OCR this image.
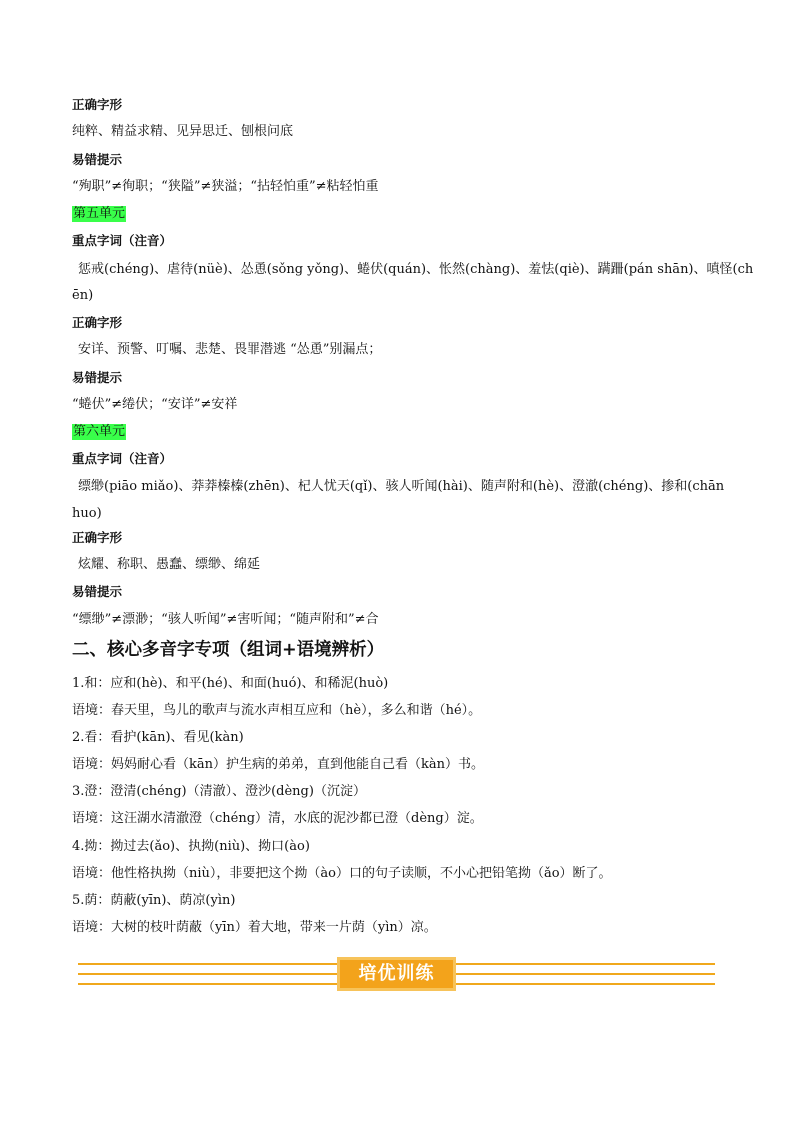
正确字形
纯粹、精益求精、见异思迁、刨根问底
易错提示
“殉职”≠徇职；“狭隘”≠狭溢；“拈轻怕重”≠粘轻怕重
第五单元
重点字词（注音）
惩戒(chéng)、虐待(nüè)、怂恿(sǒng yǒng)、蜷伏(quán)、怅然(chàng)、羞怯(qiè)、蹒跚(pán shān)、嗔怪(ch
ēn)
正确字形
安详、预警、叮嘱、悲楚、畏罪潜逃 “怂恿”别漏点；
易错提示
“蜷伏”≠绻伏；“安详”≠安祥
第六单元
重点字词（注音）
缥缈(piāo miǎo)、莽莽榛榛(zhēn)、杞人忧天(qǐ)、骇人听闻(hài)、随声附和(hè)、澄澈(chéng)、掺和(chān
huo)
正确字形
炫耀、称职、愚蠢、缥缈、绵延
易错提示
“缥缈”≠漂渺；“骇人听闻”≠害听闻；“随声附和”≠合
二、核心多音字专项（组词+语境辨析）
1.和：应和(hè)、和平(hé)、和面(huó)、和稀泥(huò)
语境：春天里，鸟儿的歌声与流水声相互应和（hè），多么和谐（hé）。
2.看：看护(kān)、看见(kàn)
语境：妈妈耐心看（kān）护生病的弟弟，直到他能自己看（kàn）书。
3.澄：澄清(chéng)（清澈）、澄沙(dèng)（沉淀）
语境：这汪湖水清澈澄（chéng）清，水底的泥沙都已澄（dèng）淀。
4.拗：拗过去(ǎo)、执拗(niù)、拗口(ào)
语境：他性格执拗（niù），非要把这个拗（ào）口的句子读顺，不小心把铅笔拗（ǎo）断了。
5.荫：荫蔽(yīn)、荫凉(yìn)
语境：大树的枝叶荫蔽（yīn）着大地，带来一片荫（yìn）凉。
培优训练
